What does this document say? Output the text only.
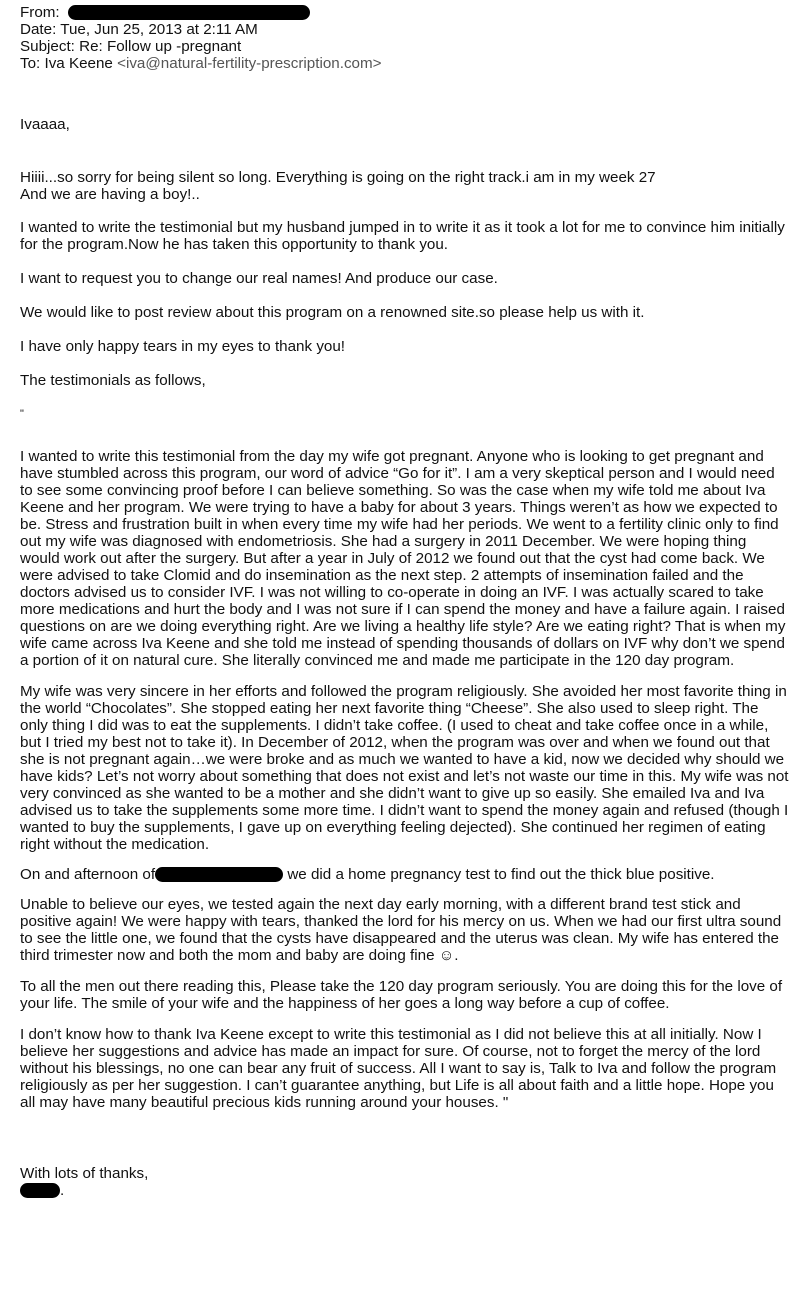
From:
Date: Tue, Jun 25, 2013 at 2:11 AM
Subject: Re: Follow up -pregnant
To: Iva Keene <iva@natural-fertility-prescription.com>

Ivaaaa,

Hiiii...so sorry for being silent so long. Everything is going on the right track.i am in my week 27
And we are having a boy!..

I wanted to write the testimonial but my husband jumped in to write it as it took a lot for me to convince him initially for the program.Now he has taken this opportunity to thank you.

I want to request you to change our real names! And produce our case.

We would like to post review about this program on a renowned site.so please help us with it.

I have only happy tears in my eyes to thank you!

The testimonials as follows,

"

I wanted to write this testimonial from the day my wife got pregnant. Anyone who is looking to get pregnant and have stumbled across this program, our word of advice “Go for it”. I am a very skeptical person and I would need to see some convincing proof before I can believe something. So was the case when my wife told me about Iva Keene and her program. We were trying to have a baby for about 3 years. Things weren’t as how we expected to be. Stress and frustration built in when every time my wife had her periods. We went to a fertility clinic only to find out my wife was diagnosed with endometriosis. She had a surgery in 2011 December. We were hoping thing would work out after the surgery. But after a year in July of 2012 we found out that the cyst had come back. We were advised to take Clomid and do insemination as the next step. 2 attempts of insemination failed and the doctors advised us to consider IVF. I was not willing to co-operate in doing an IVF. I was actually scared to take more medications and hurt the body and I was not sure if I can spend the money and have a failure again. I raised questions on are we doing everything right. Are we living a healthy life style? Are we eating right? That is when my wife came across Iva Keene and she told me instead of spending thousands of dollars on IVF why don’t we spend a portion of it on natural cure. She literally convinced me and made me participate in the 120 day program.

My wife was very sincere in her efforts and followed the program religiously. She avoided her most favorite thing in the world “Chocolates”. She stopped eating her next favorite thing “Cheese”. She also used to sleep right. The only thing I did was to eat the supplements. I didn’t take coffee. (I used to cheat and take coffee once in a while, but I tried my best not to take it). In December of 2012, when the program was over and when we found out that she is not pregnant again…we were broke and as much we wanted to have a kid, now we decided why should we have kids? Let’s not worry about something that does not exist and let’s not waste our time in this. My wife was not very convinced as she wanted to be a mother and she didn’t want to give up so easily. She emailed Iva and Iva advised us to take the supplements some more time. I didn’t want to spend the money again and refused (though I wanted to buy the supplements, I gave up on everything feeling dejected). She continued her regimen of eating right without the medication.

On and afternoon of	we did a home pregnancy test to find out the thick blue positive.

Unable to believe our eyes, we tested again the next day early morning, with a different brand test stick and positive again! We were happy with tears, thanked the lord for his mercy on us. When we had our first ultra sound to see the little one, we found that the cysts have disappeared and the uterus was clean. My wife has entered the third trimester now and both the mom and baby are doing fine ☺.

To all the men out there reading this, Please take the 120 day program seriously. You are doing this for the love of your life. The smile of your wife and the happiness of her goes a long way before a cup of coffee.

I don’t know how to thank Iva Keene except to write this testimonial as I did not believe this at all initially. Now I believe her suggestions and advice has made an impact for sure. Of course, not to forget the mercy of the lord without his blessings, no one can bear any fruit of success. All I want to say is, Talk to Iva and follow the program religiously as per her suggestion. I can’t guarantee anything, but Life is all about faith and a little hope. Hope you all may have many beautiful precious kids running around your houses. "

With lots of thanks,

.
